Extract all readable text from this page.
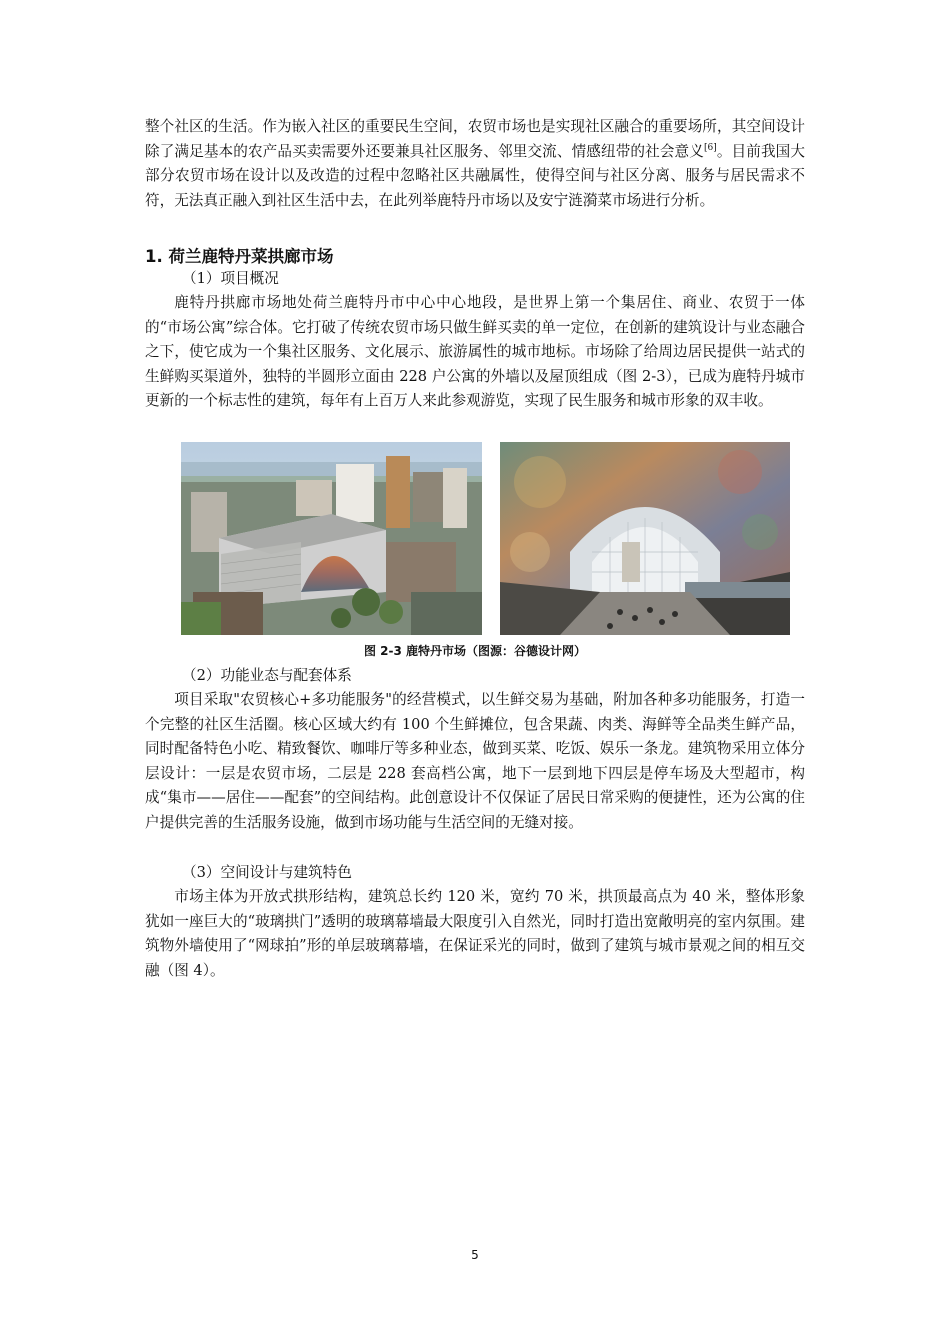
整个社区的生活。作为嵌入社区的重要民生空间，农贸市场也是实现社区融合的重要场所，其空间设计除了满足基本的农产品买卖需要外还要兼具社区服务、邻里交流、情感纽带的社会意义[6]。目前我国大部分农贸市场在设计以及改造的过程中忽略社区共融属性，使得空间与社区分离、服务与居民需求不符，无法真正融入到社区生活中去，在此列举鹿特丹市场以及安宁涟漪菜市场进行分析。

1. 荷兰鹿特丹菜拱廊市场

（1）项目概况

鹿特丹拱廊市场地处荷兰鹿特丹市中心中心地段，是世界上第一个集居住、商业、农贸于一体的“市场公寓”综合体。它打破了传统农贸市场只做生鲜买卖的单一定位，在创新的建筑设计与业态融合之下，使它成为一个集社区服务、文化展示、旅游属性的城市地标。市场除了给周边居民提供一站式的生鲜购买渠道外，独特的半圆形立面由 228 户公寓的外墙以及屋顶组成（图 2-3），已成为鹿特丹城市更新的一个标志性的建筑，每年有上百万人来此参观游览，实现了民生服务和城市形象的双丰收。

图 2-3 鹿特丹市场（图源：谷德设计网）

（2）功能业态与配套体系

项目采取"农贸核心+多功能服务"的经营模式，以生鲜交易为基础，附加各种多功能服务，打造一个完整的社区生活圈。核心区域大约有 100 个生鲜摊位，包含果蔬、肉类、海鲜等全品类生鲜产品，同时配备特色小吃、精致餐饮、咖啡厅等多种业态，做到买菜、吃饭、娱乐一条龙。建筑物采用立体分层设计：一层是农贸市场，二层是 228 套高档公寓，地下一层到地下四层是停车场及大型超市，构成“集市——居住——配套”的空间结构。此创意设计不仅保证了居民日常采购的便捷性，还为公寓的住户提供完善的生活服务设施，做到市场功能与生活空间的无缝对接。

（3）空间设计与建筑特色

市场主体为开放式拱形结构，建筑总长约 120 米，宽约 70 米，拱顶最高点为 40 米，整体形象犹如一座巨大的“玻璃拱门”透明的玻璃幕墙最大限度引入自然光，同时打造出宽敞明亮的室内氛围。建筑物外墙使用了“网球拍”形的单层玻璃幕墙，在保证采光的同时，做到了建筑与城市景观之间的相互交融（图 4）。

5
